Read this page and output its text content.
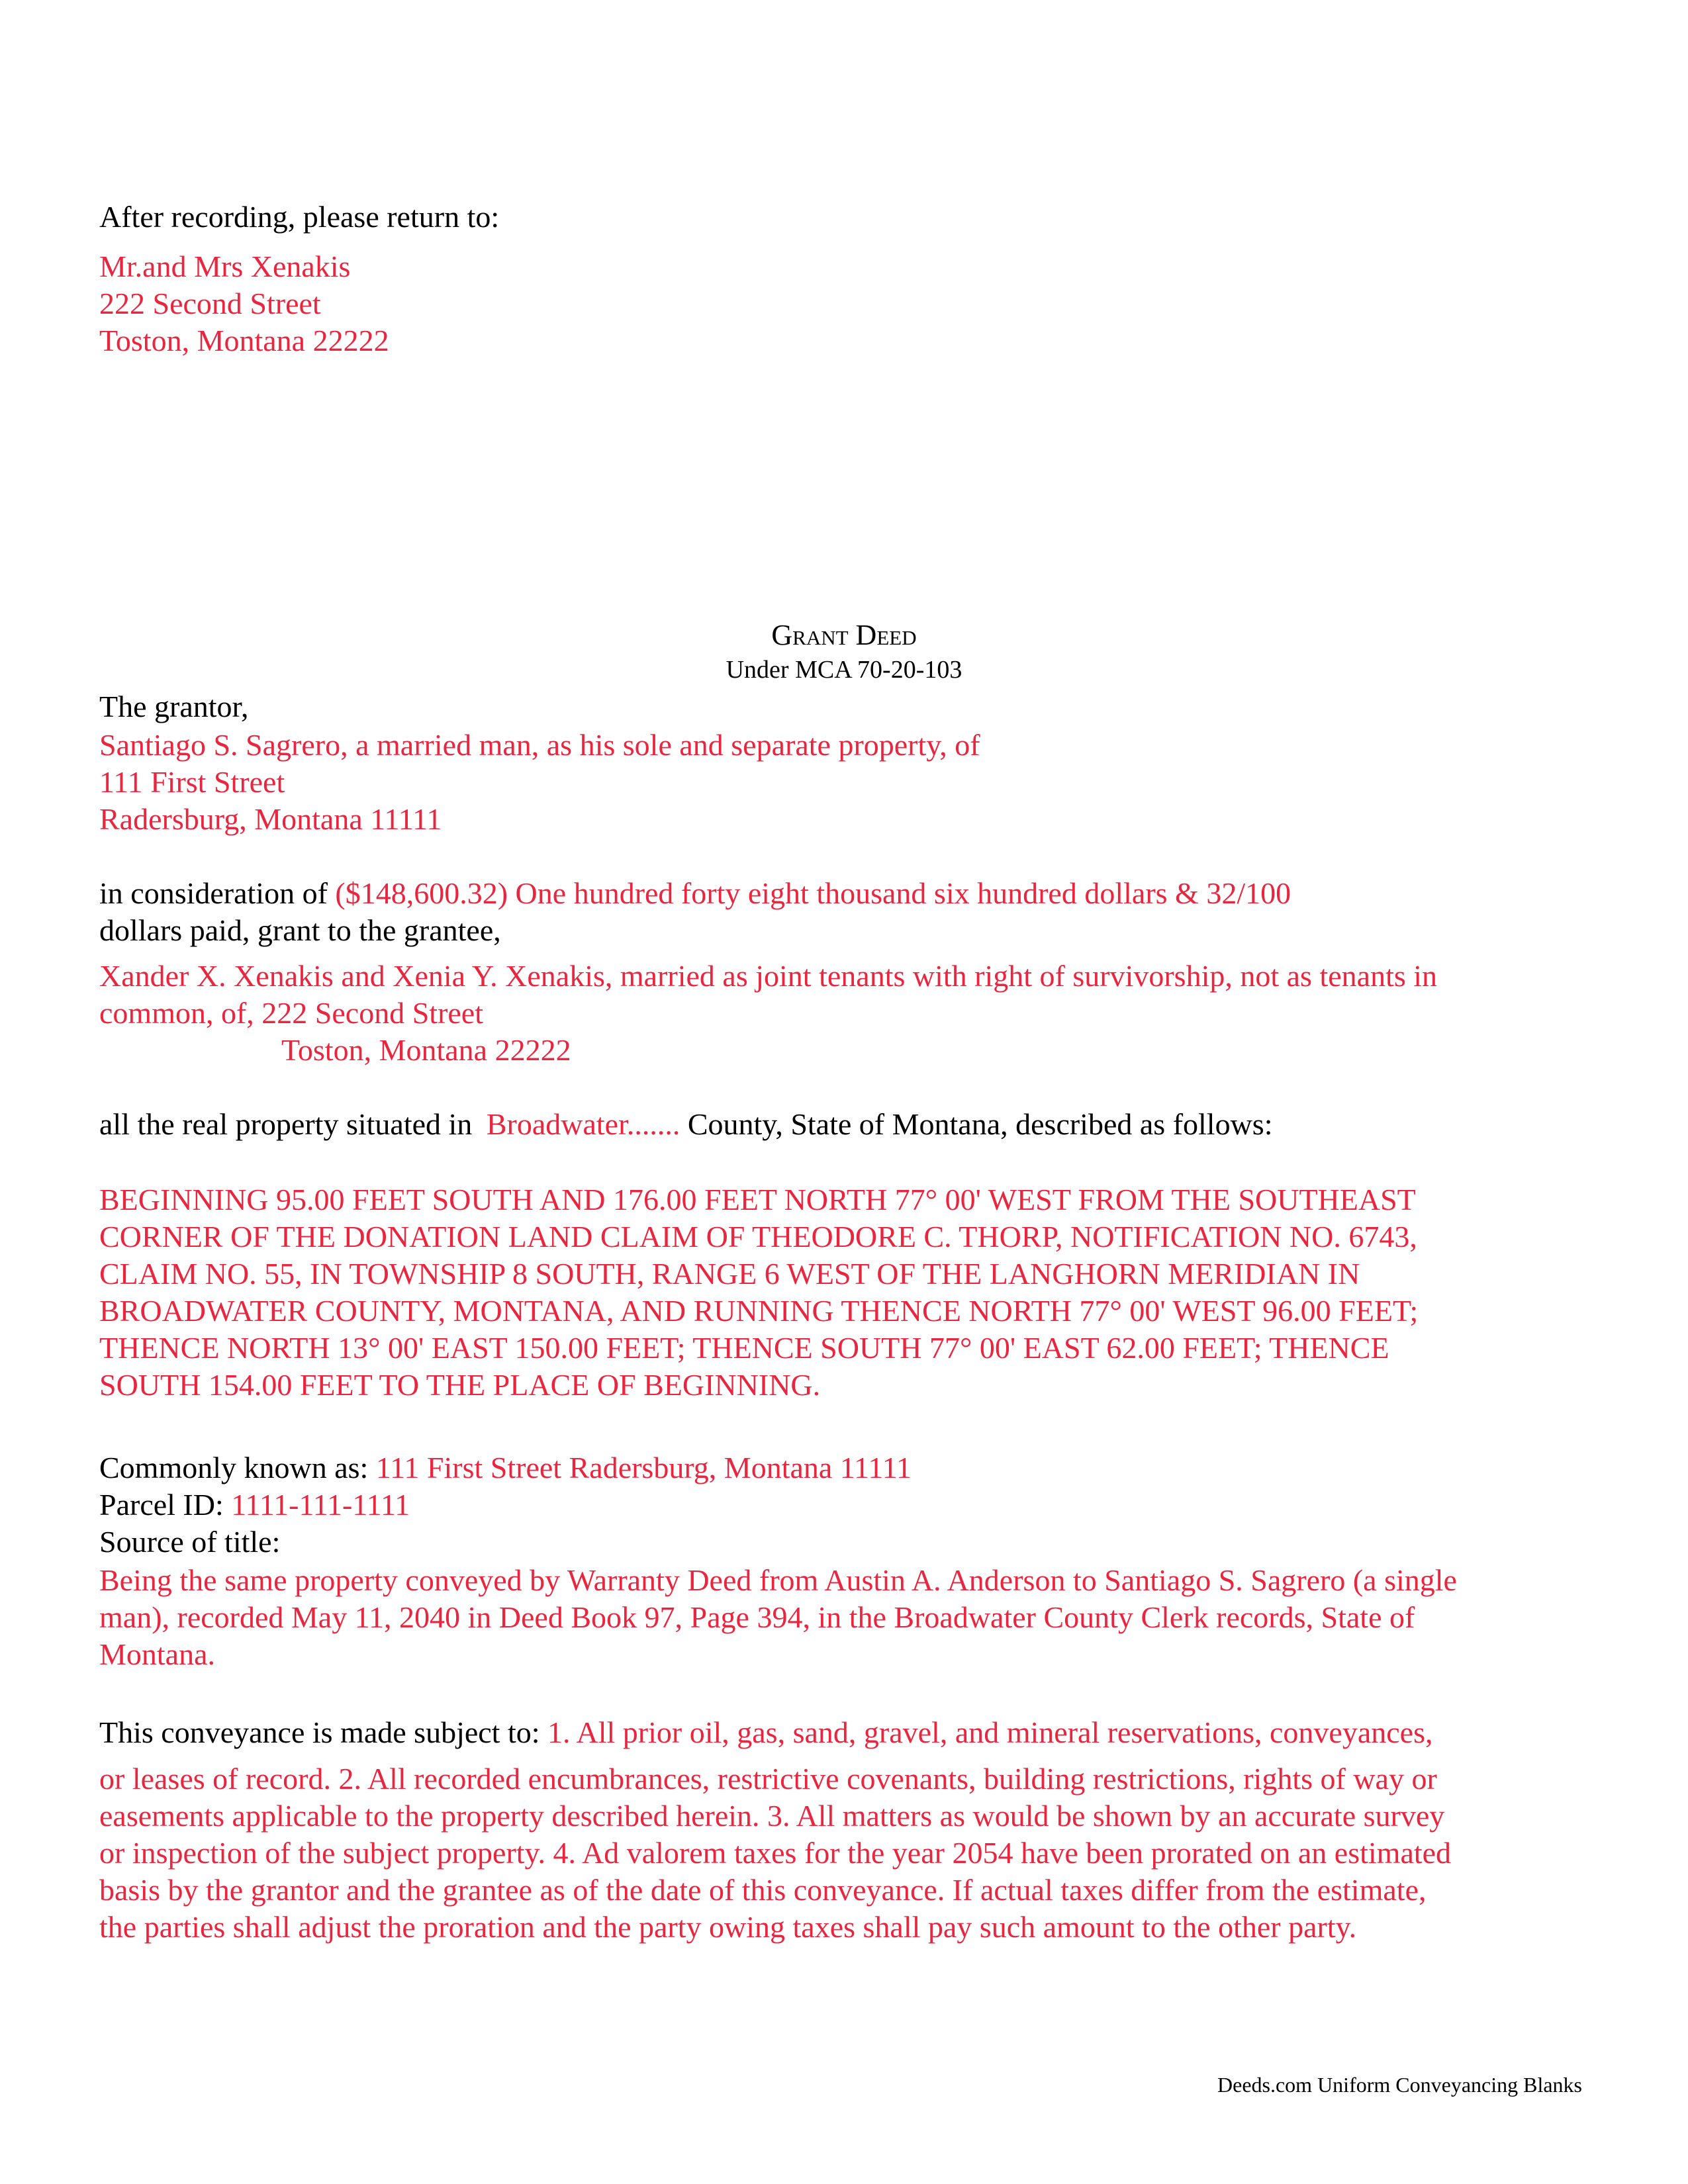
After recording, please return to:
Mr.and Mrs Xenakis
222 Second Street
Toston, Montana 22222
Grant Deed
Under MCA 70-20-103
The grantor,
Santiago S. Sagrero, a married man, as his sole and separate property, of
111 First Street
Radersburg, Montana 11111
in consideration of ($148,600.32) One hundred forty eight thousand six hundred dollars & 32/100
dollars paid, grant to the grantee,
Xander X. Xenakis and Xenia Y. Xenakis, married as joint tenants with right of survivorship, not as tenants in
common, of, 222 Second Street
Toston, Montana 22222
all the real property situated in Broadwater....... County, State of Montana, described as follows:
BEGINNING 95.00 FEET SOUTH AND 176.00 FEET NORTH 77° 00' WEST FROM THE SOUTHEAST
CORNER OF THE DONATION LAND CLAIM OF THEODORE C. THORP, NOTIFICATION NO. 6743,
CLAIM NO. 55, IN TOWNSHIP 8 SOUTH, RANGE 6 WEST OF THE LANGHORN MERIDIAN IN
BROADWATER COUNTY, MONTANA, AND RUNNING THENCE NORTH 77° 00' WEST 96.00 FEET;
THENCE NORTH 13° 00' EAST 150.00 FEET; THENCE SOUTH 77° 00' EAST 62.00 FEET; THENCE
SOUTH 154.00 FEET TO THE PLACE OF BEGINNING.
Commonly known as: 111 First Street Radersburg, Montana 11111
Parcel ID: 1111-111-1111
Source of title:
Being the same property conveyed by Warranty Deed from Austin A. Anderson to Santiago S. Sagrero (a single
man), recorded May 11, 2040 in Deed Book 97, Page 394, in the Broadwater County Clerk records, State of
Montana.
This conveyance is made subject to: 1. All prior oil, gas, sand, gravel, and mineral reservations, conveyances,
or leases of record. 2. All recorded encumbrances, restrictive covenants, building restrictions, rights of way or
easements applicable to the property described herein. 3. All matters as would be shown by an accurate survey
or inspection of the subject property. 4. Ad valorem taxes for the year 2054 have been prorated on an estimated
basis by the grantor and the grantee as of the date of this conveyance. If actual taxes differ from the estimate,
the parties shall adjust the proration and the party owing taxes shall pay such amount to the other party.
Deeds.com Uniform Conveyancing Blanks
